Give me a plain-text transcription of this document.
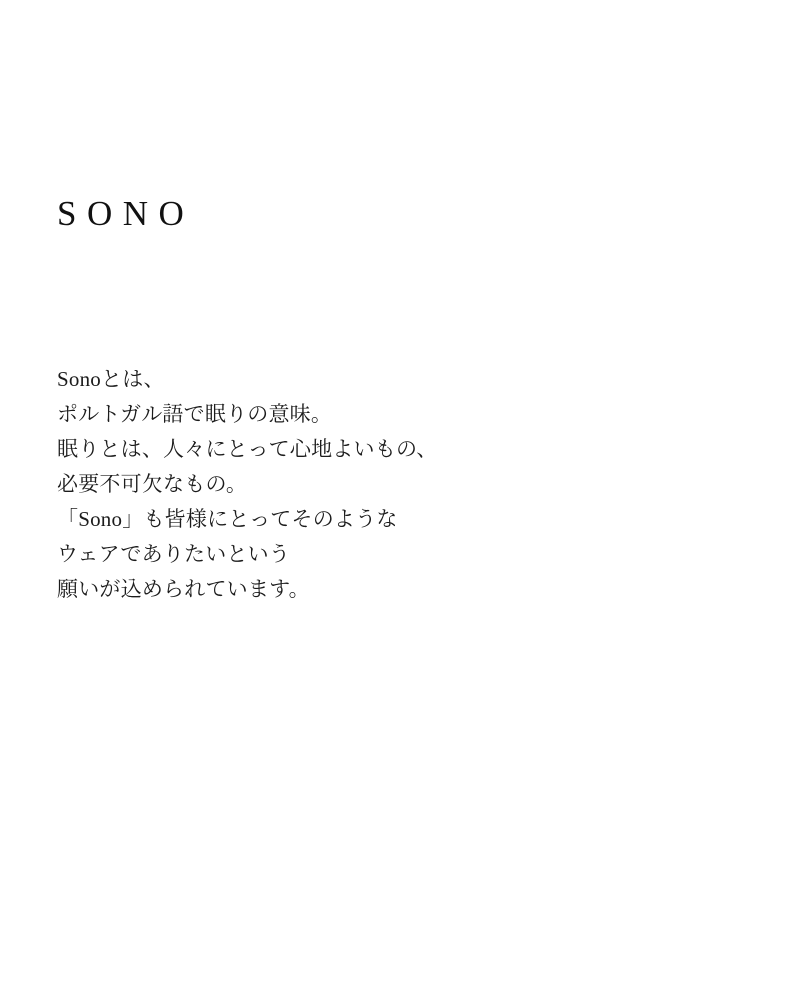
SONO
Sonoとは、
ポルトガル語で眠りの意味。
眠りとは、人々にとって心地よいもの、
必要不可欠なもの。
「Sono」も皆様にとってそのような
ウェアでありたいという
願いが込められています。
